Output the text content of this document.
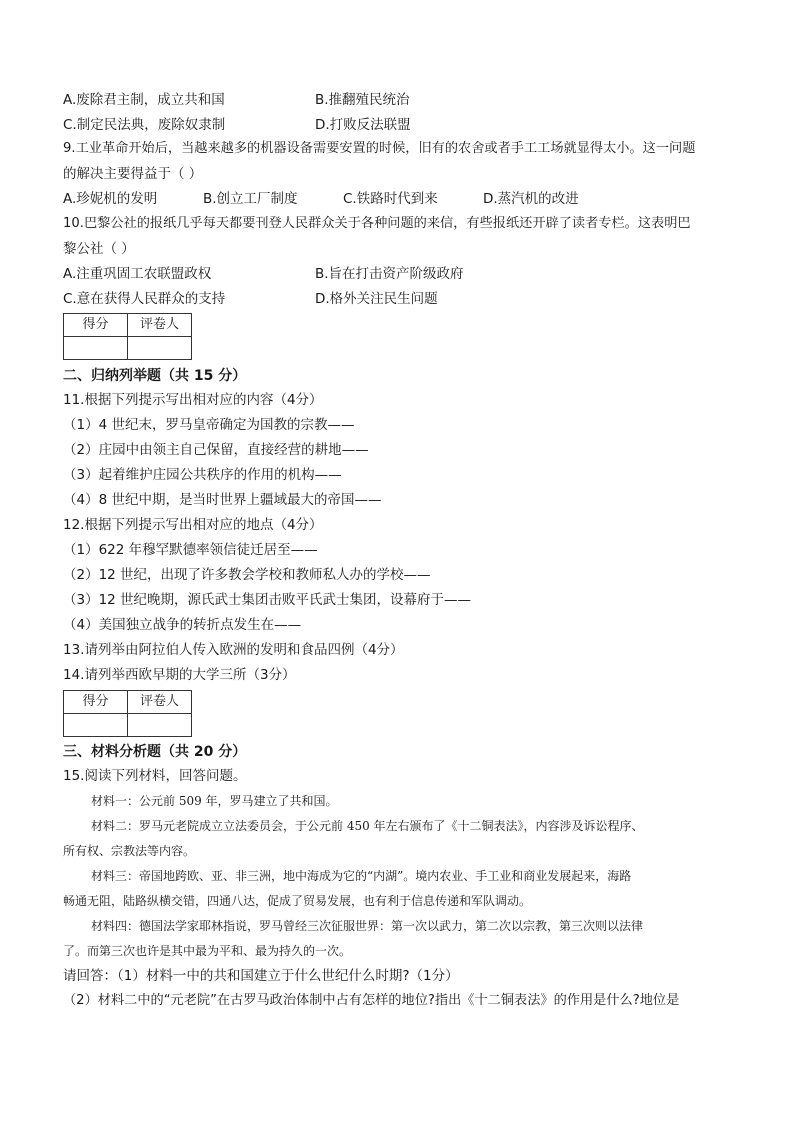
A.废除君主制，成立共和国	B.推翻殖民统治
C.制定民法典，废除奴隶制	D.打败反法联盟
9.工业革命开始后，当越来越多的机器设备需要安置的时候，旧有的农舍或者手工工场就显得太小。这一问题
的解决主要得益于（ ）
A.珍妮机的发明	B.创立工厂制度	C.铁路时代到来	D.蒸汽机的改进
10.巴黎公社的报纸几乎每天都要刊登人民群众关于各种问题的来信，有些报纸还开辟了读者专栏。这表明巴
黎公社（ ）
A.注重巩固工农联盟政权	B.旨在打击资产阶级政府
C.意在获得人民群众的支持	D.格外关注民生问题
得分	评卷人

二、归纳列举题（共 15 分）
11.根据下列提示写出相对应的内容（4分）
（1）4 世纪末，罗马皇帝确定为国教的宗教——
（2）庄园中由领主自己保留，直接经营的耕地——
（3）起着维护庄园公共秩序的作用的机构——
（4）8 世纪中期，是当时世界上疆域最大的帝国——
12.根据下列提示写出相对应的地点（4分）
（1）622 年穆罕默德率领信徒迁居至——
（2）12 世纪，出现了许多教会学校和教师私人办的学校——
（3）12 世纪晚期，源氏武士集团击败平氏武士集团，设幕府于——
（4）美国独立战争的转折点发生在——
13.请列举由阿拉伯人传入欧洲的发明和食品四例（4分）
14.请列举西欧早期的大学三所（3分）
得分	评卷人

三、材料分析题（共 20 分）
15.阅读下列材料，回答问题。
材料一：公元前 509 年，罗马建立了共和国。
材料二：罗马元老院成立立法委员会，于公元前 450 年左右颁布了《十二铜表法》，内容涉及诉讼程序、
所有权、宗教法等内容。
材料三：帝国地跨欧、亚、非三洲，地中海成为它的“内湖”。境内农业、手工业和商业发展起来，海路
畅通无阻，陆路纵横交错，四通八达，促成了贸易发展，也有利于信息传递和军队调动。
材料四：德国法学家耶林指说，罗马曾经三次征服世界：第一次以武力，第二次以宗教，第三次则以法律
了。而第三次也许是其中最为平和、最为持久的一次。
请回答：（1）材料一中的共和国建立于什么世纪什么时期?（1分）
（2）材料二中的“元老院”在古罗马政治体制中占有怎样的地位?指出《十二铜表法》的作用是什么?地位是
